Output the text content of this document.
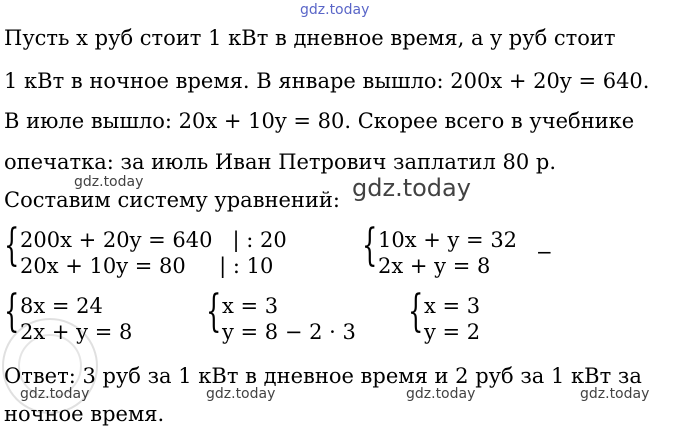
gdz.today
gdz.today	gdz.today
gdz.today	gdz.today	gdz.today	gdz.today
Пусть x руб стоит 1 кВт в дневное время, а y руб стоит
1 кВт в ночное время. В январе вышло: 200x + 20y = 640.
В июле вышло: 20x + 10y = 80. Скорее всего в учебнике
опечатка: за июль Иван Петрович заплатил 80 р.
Составим систему уравнений:
{ 200x + 20y = 640   | : 20
20x + 10y = 80     | : 10 { 10x + y = 32
2x + y = 8
−
{ 8x = 24
2x + y = 8 { x = 3
y = 8 − 2 · 3 { x = 3
y = 2
Ответ: 3 руб за 1 кВт в дневное время и 2 руб за 1 кВт за
ночное время.
